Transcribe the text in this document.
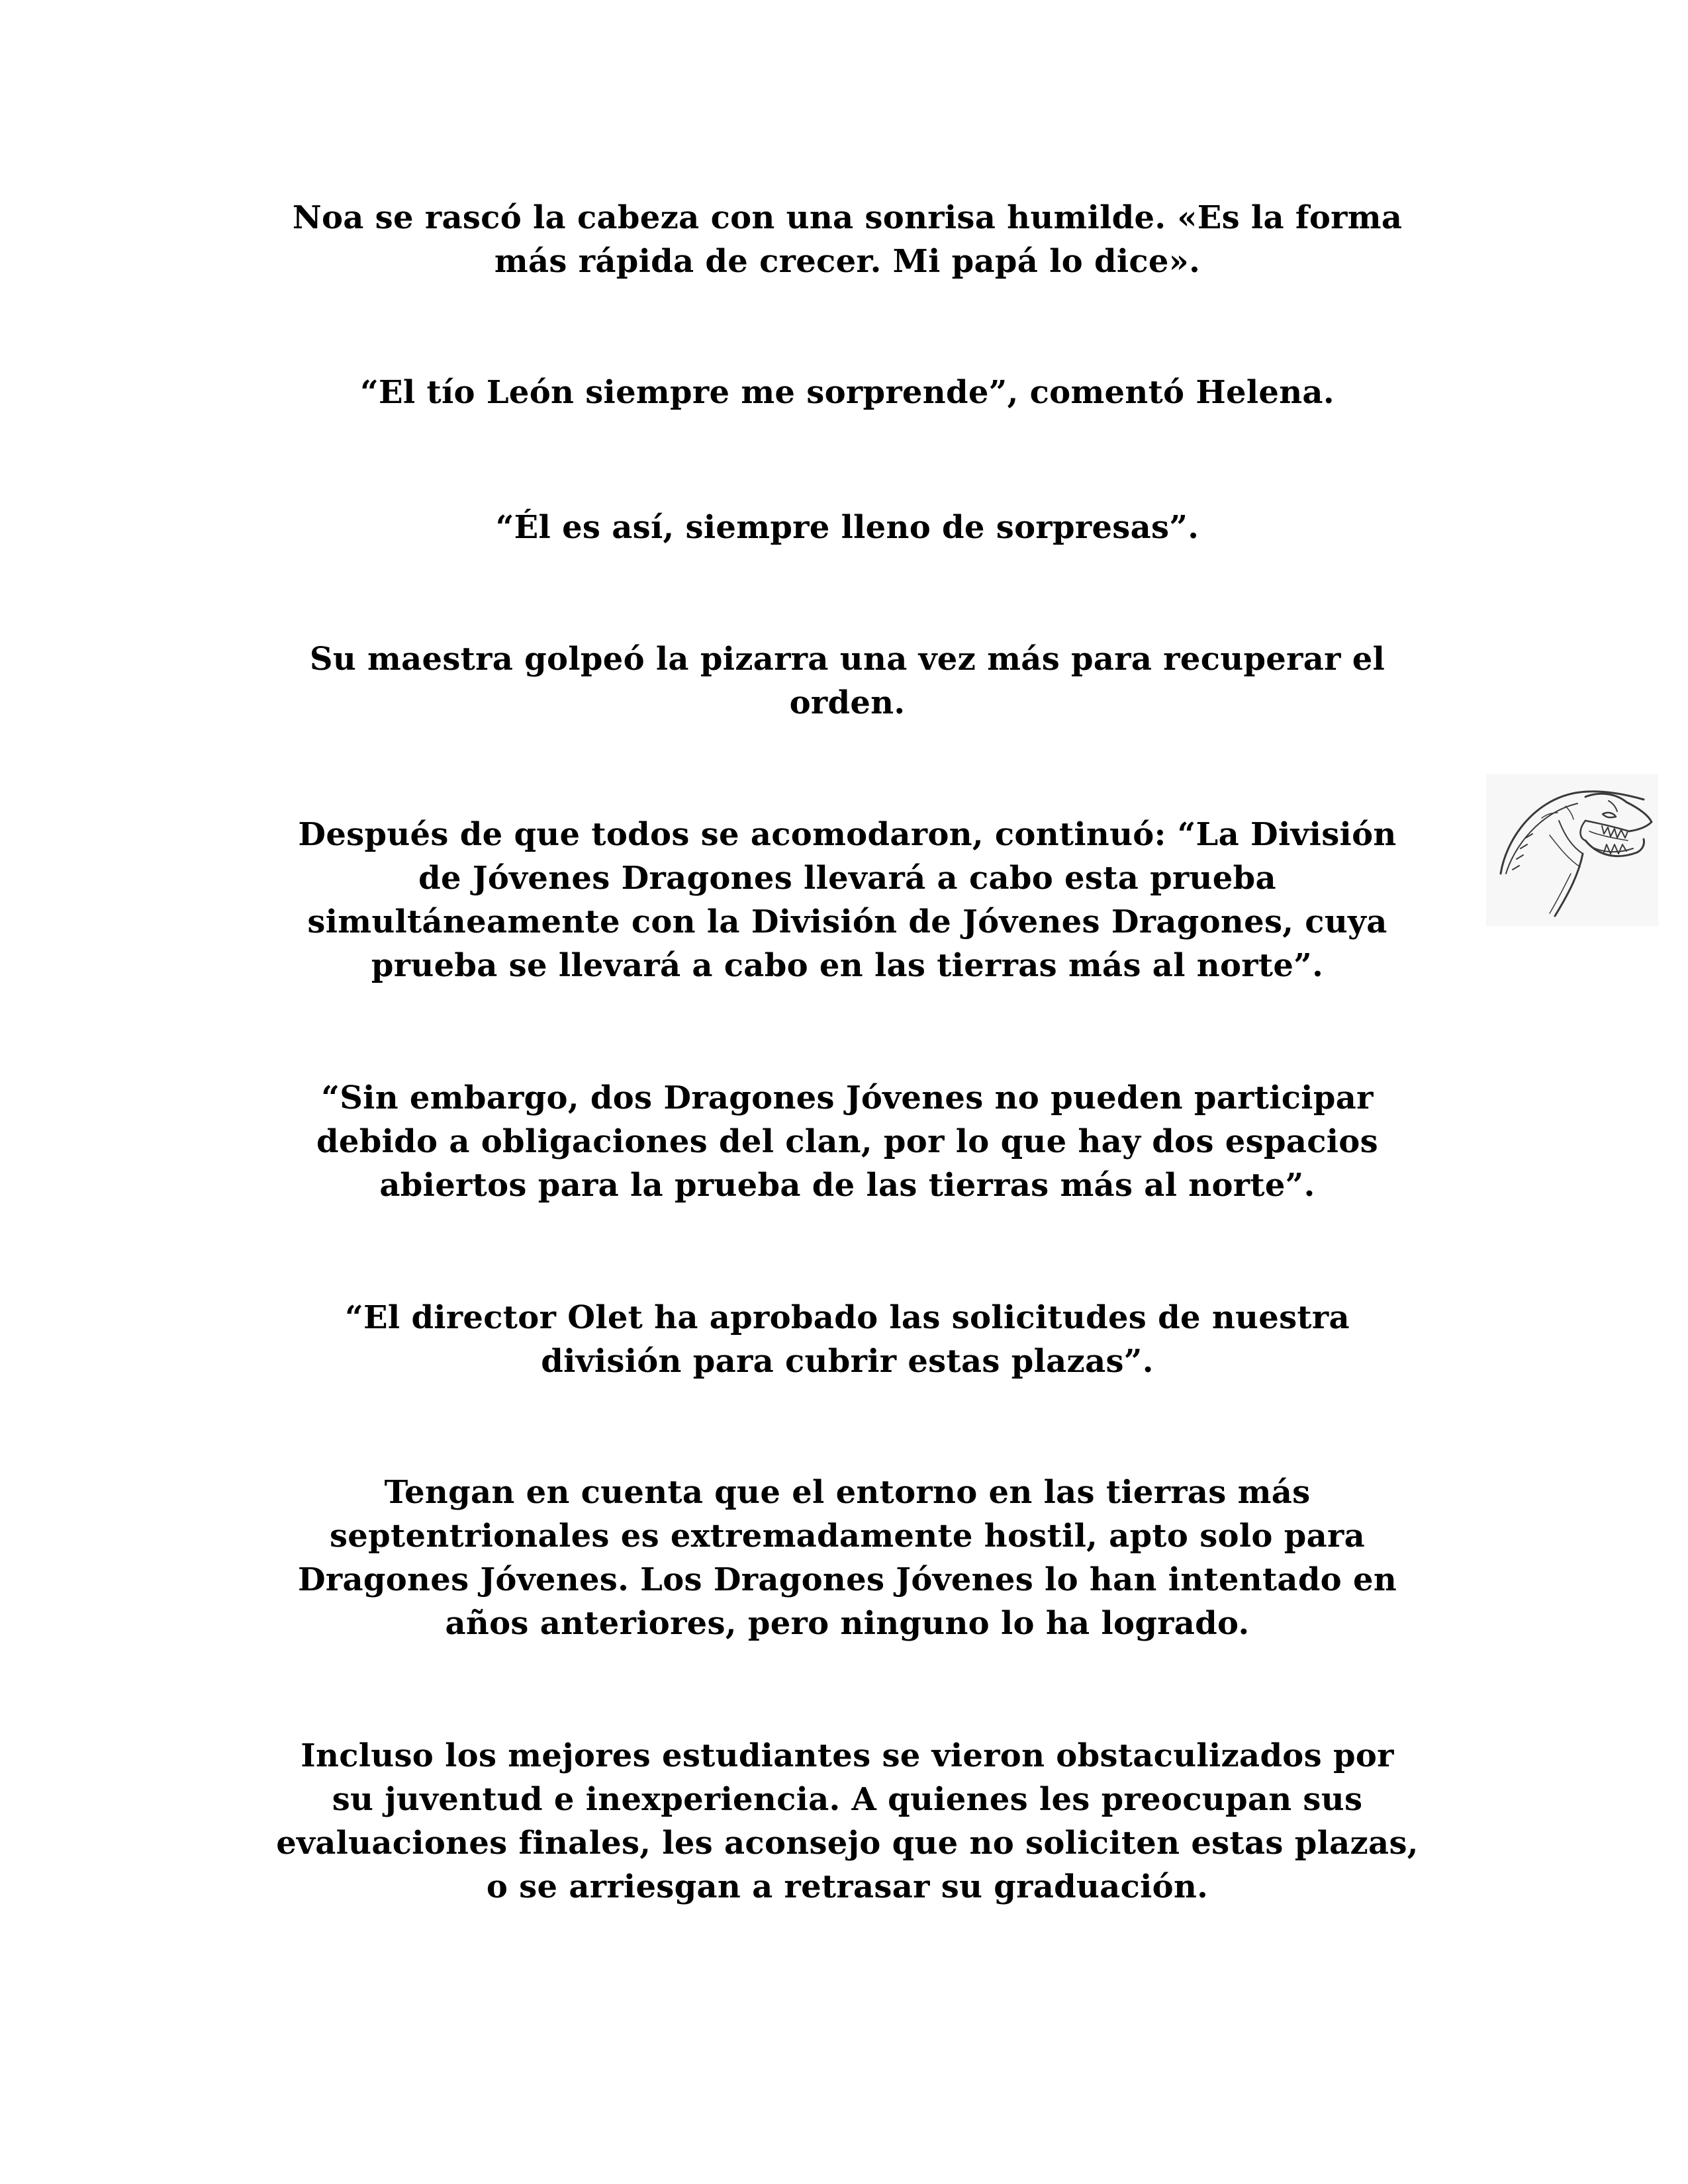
Noa se rascó la cabeza con una sonrisa humilde. «Es la forma
más rápida de crecer. Mi papá lo dice».

“El tío León siempre me sorprende”, comentó Helena.

“Él es así, siempre lleno de sorpresas”.

Su maestra golpeó la pizarra una vez más para recuperar el
orden.

Después de que todos se acomodaron, continuó: “La División
de Jóvenes Dragones llevará a cabo esta prueba
simultáneamente con la División de Jóvenes Dragones, cuya
prueba se llevará a cabo en las tierras más al norte”.

“Sin embargo, dos Dragones Jóvenes no pueden participar
debido a obligaciones del clan, por lo que hay dos espacios
abiertos para la prueba de las tierras más al norte”.

“El director Olet ha aprobado las solicitudes de nuestra
división para cubrir estas plazas”.

Tengan en cuenta que el entorno en las tierras más
septentrionales es extremadamente hostil, apto solo para
Dragones Jóvenes. Los Dragones Jóvenes lo han intentado en
años anteriores, pero ninguno lo ha logrado.

Incluso los mejores estudiantes se vieron obstaculizados por
su juventud e inexperiencia. A quienes les preocupan sus
evaluaciones finales, les aconsejo que no soliciten estas plazas,
o se arriesgan a retrasar su graduación.
